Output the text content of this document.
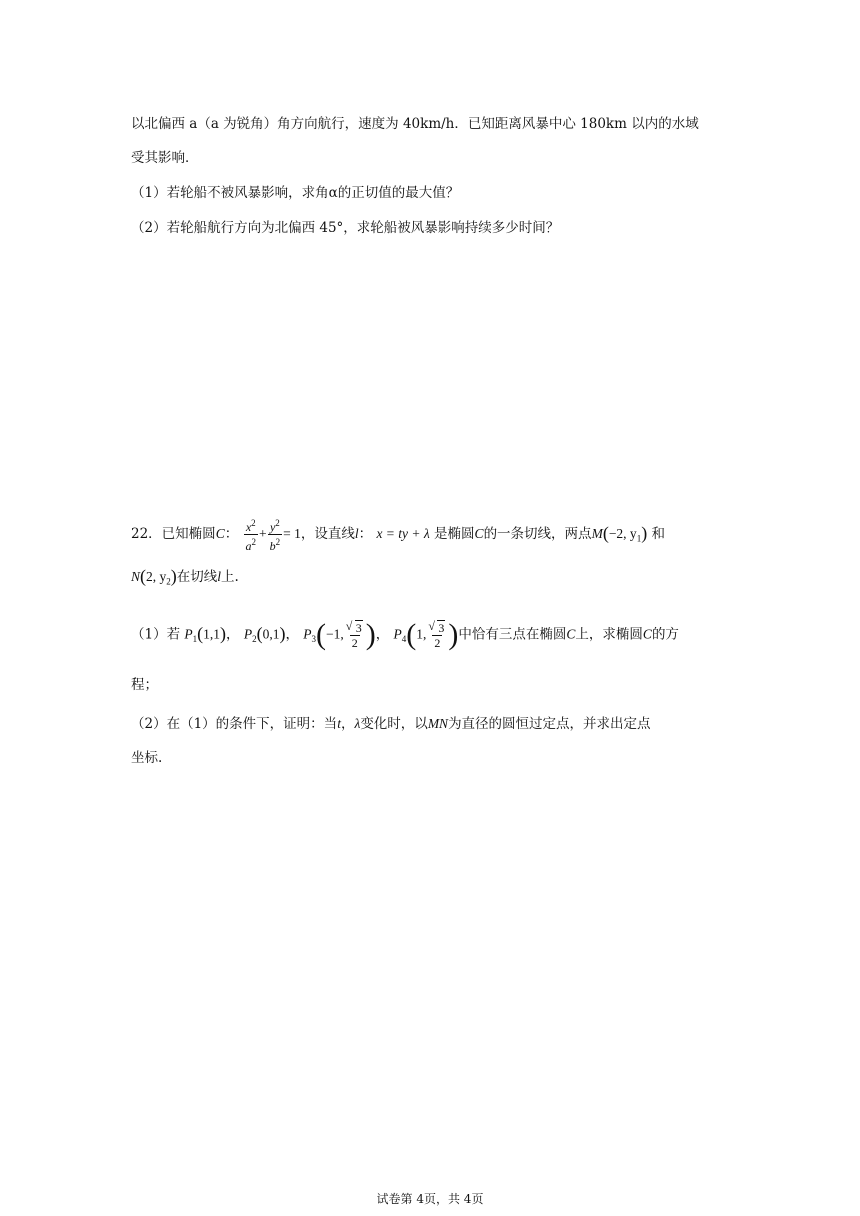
以北偏西 a（a 为锐角）角方向航行，速度为 40km/h．已知距离风暴中心 180km 以内的水域
受其影响．
（1）若轮船不被风暴影响，求角α的正切值的最大值？
（2）若轮船航行方向为北偏西 45°，求轮船被风暴影响持续多少时间？
22．已知椭圆C： $\frac{x^2}{a^2} + \frac{y^2}{b^2} = 1$，设直线l： x = ty + λ 是椭圆C的一条切线，两点M(−2, $y_1$) 和
N(2, $y_2$)在切线l上.
（1）若 $P_1(1,1)$， $P_2(0,1)$， $P_3(-1$, √ $\frac{3}{2}$ )， $P_4(1$, √ $\frac{3}{2}$ )中恰有三点在椭圆C上，求椭圆C的方
程；
（2）在（1）的条件下，证明：当t，λ变化时，以MN为直径的圆恒过定点，并求出定点
坐标.
试卷第 4页，共 4页
